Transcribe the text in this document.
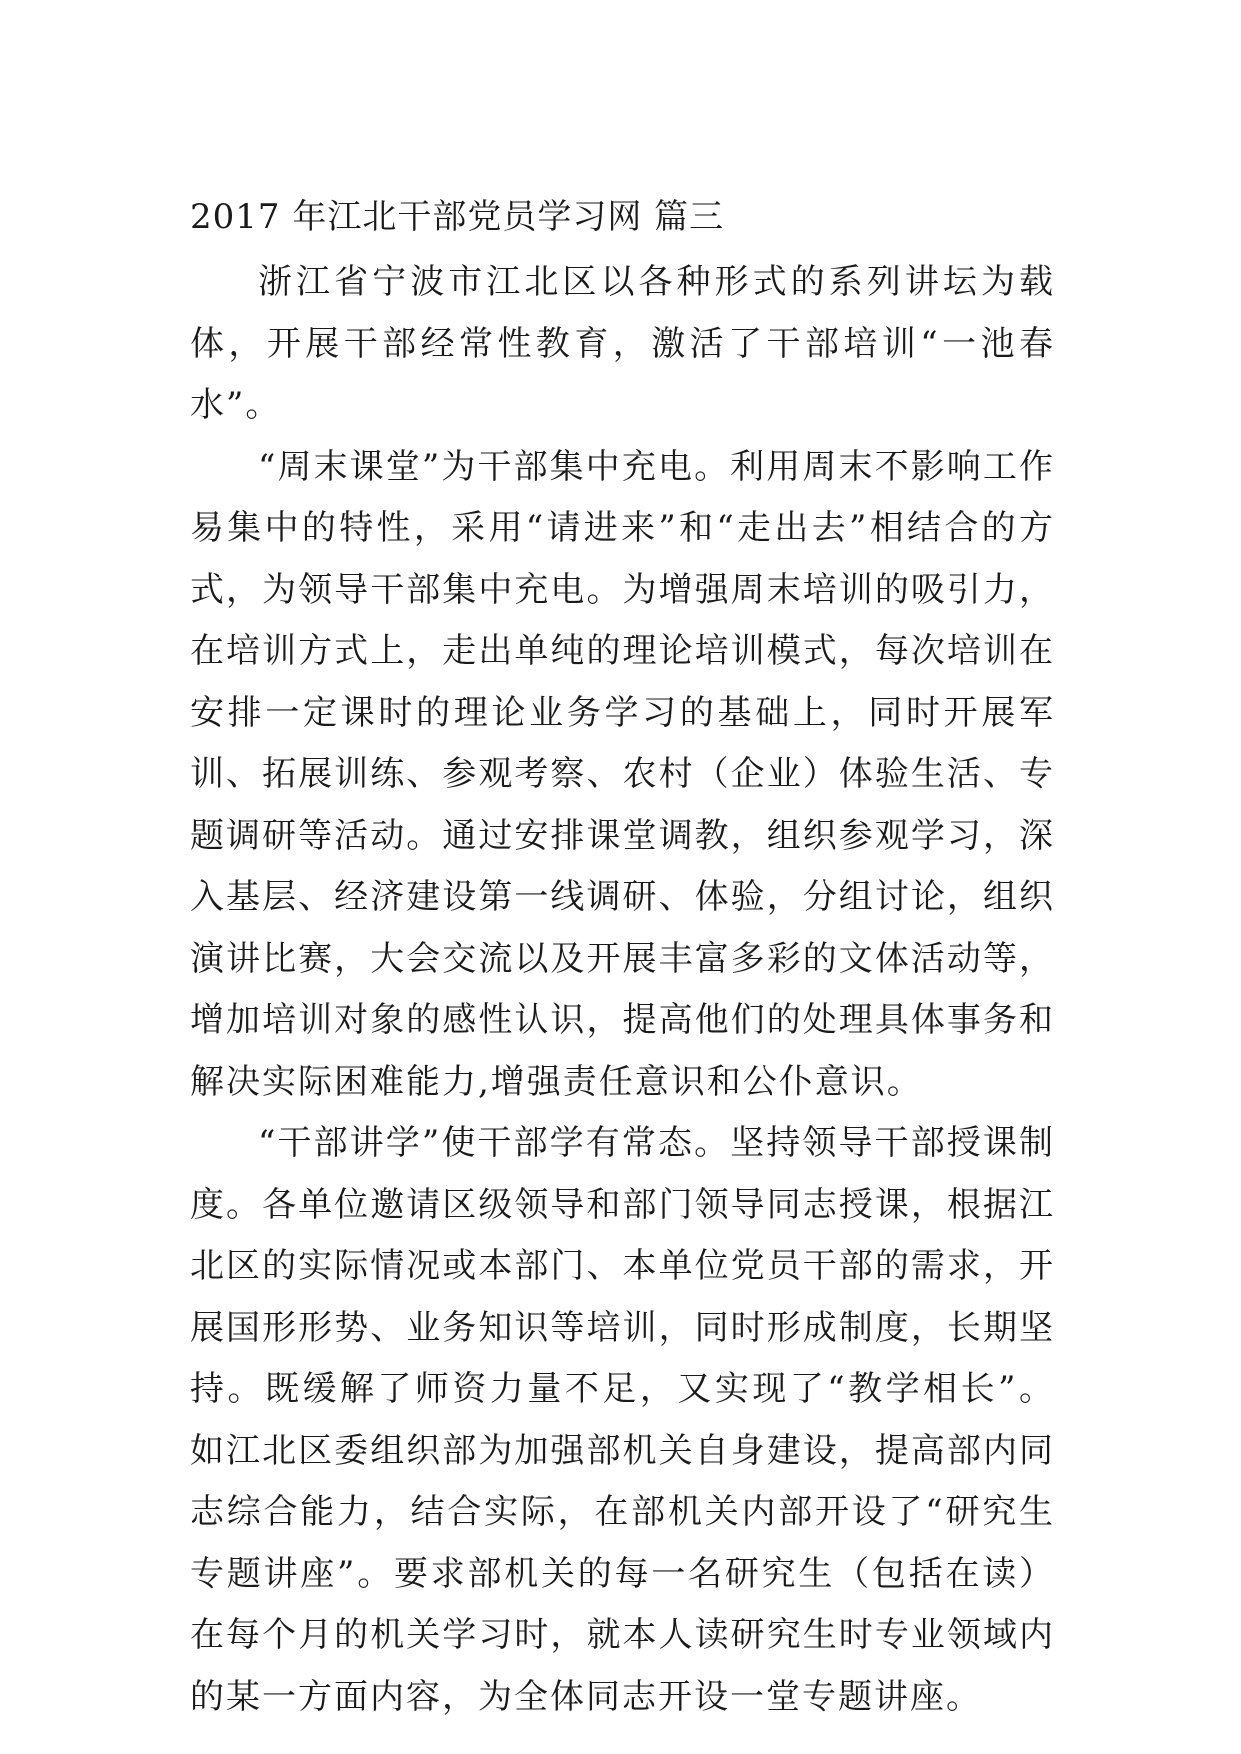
2017 年江北干部党员学习网 篇三

浙江省宁波市江北区以各种形式的系列讲坛为载体，开展干部经常性教育，激活了干部培训“一池春水”。

“周末课堂”为干部集中充电。利用周末不影响工作易集中的特性，采用“请进来”和“走出去”相结合的方式，为领导干部集中充电。为增强周末培训的吸引力，在培训方式上，走出单纯的理论培训模式，每次培训在安排一定课时的理论业务学习的基础上，同时开展军训、拓展训练、参观考察、农村（企业）体验生活、专题调研等活动。通过安排课堂调教，组织参观学习，深入基层、经济建设第一线调研、体验，分组讨论，组织演讲比赛，大会交流以及开展丰富多彩的文体活动等，增加培训对象的感性认识，提高他们的处理具体事务和解决实际困难能力,增强责任意识和公仆意识。

“干部讲学”使干部学有常态。坚持领导干部授课制度。各单位邀请区级领导和部门领导同志授课，根据江北区的实际情况或本部门、本单位党员干部的需求，开展国形形势、业务知识等培训，同时形成制度，长期坚持。既缓解了师资力量不足，又实现了“教学相长”。如江北区委组织部为加强部机关自身建设，提高部内同志综合能力，结合实际，在部机关内部开设了“研究生专题讲座”。要求部机关的每一名研究生（包括在读）在每个月的机关学习时，就本人读研究生时专业领域内的某一方面内容，为全体同志开设一堂专题讲座。
